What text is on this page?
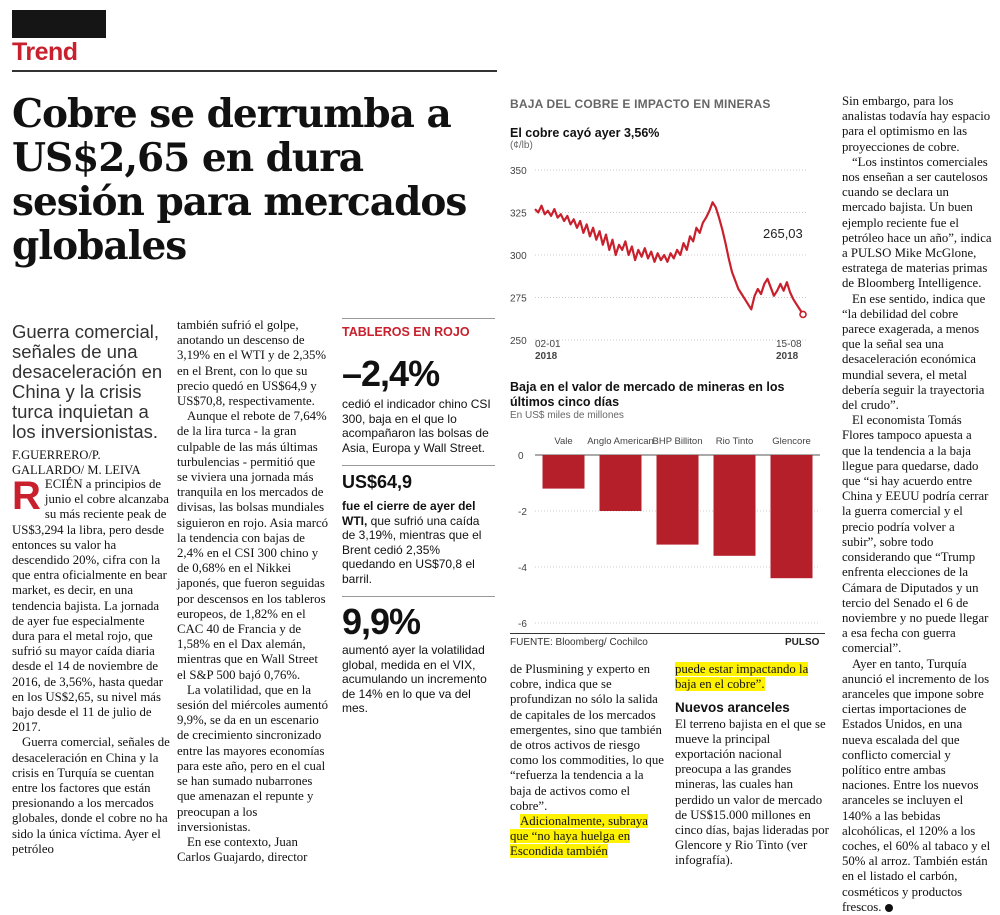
Trend
Cobre se derrumba a US$2,65 en dura sesión para mercados globales

Guerra comercial, señales de una desaceleración en China y la crisis turca inquietan a los inversionistas.

F.GUERRERO/P. GALLARDO/ M. LEIVA

RECIÉN a principios de junio el cobre alcanzaba su más reciente peak de US$3,294 la libra, pero desde entonces su valor ha descendido 20%, cifra con la que entra oficialmente en bear market, es decir, en una tendencia bajista. La jornada de ayer fue especialmente dura para el metal rojo, que sufrió su mayor caída diaria desde el 14 de noviembre de 2016, de 3,56%, hasta quedar en los US$2,65, su nivel más bajo desde el 11 de julio de 2017.

Guerra comercial, señales de desaceleración en China y la crisis en Turquía se cuentan entre los factores que están presionando a los mercados globales, donde el cobre no ha sido la única víctima. Ayer el petróleo

también sufrió el golpe, anotando un descenso de 3,19% en el WTI y de 2,35% en el Brent, con lo que su precio quedó en US$64,9 y US$70,8, respectivamente.

Aunque el rebote de 7,64% de la lira turca - la gran culpable de las más últimas turbulencias - permitió que se viviera una jornada más tranquila en los mercados de divisas, las bolsas mundiales siguieron en rojo. Asia marcó la tendencia con bajas de 2,4% en el CSI 300 chino y de 0,68% en el Nikkei japonés, que fueron seguidas por descensos en los tableros europeos, de 1,82% en el CAC 40 de Francia y de 1,58% en el Dax alemán, mientras que en Wall Street el S&P 500 bajó 0,76%.

La volatilidad, que en la sesión del miércoles aumentó 9,9%, se da en un escenario de crecimiento sincronizado entre las mayores economías para este año, pero en el cual se han sumado nubarrones que amenazan el repunte y preocupan a los inversionistas.

En ese contexto, Juan Carlos Guajardo, director

TABLEROS EN ROJO
–2,4%
cedió el indicador chino CSI 300, baja en el que lo acompañaron las bolsas de Asia, Europa y Wall Street.
US$64,9
fue el cierre de ayer del WTI, que sufrió una caída de 3,19%, mientras que el Brent cedió 2,35% quedando en US$70,8 el barril.
9,9%
aumentó ayer la volatilidad global, medida en el VIX, acumulando un incremento de 14% en lo que va del mes.
BAJA DEL COBRE E IMPACTO EN MINERAS
El cobre cayó ayer 3,56%
(¢/lb)
350
325
300
275
250
265,03
02-01
2018
15-08
2018
Baja en el valor de mercado de mineras en los últimos cinco días
En US$ miles de millones
0
-2
-4
-6
Vale Anglo American
BHP Billiton Rio Tinto Glencore
FUENTE: Bloomberg/ Cochilco	PULSO

de Plusmining y experto en cobre, indica que se profundizan no sólo la salida de capitales de los mercados emergentes, sino que también de otros activos de riesgo como los commodities, lo que “refuerza la tendencia a la baja de activos como el cobre”.

Adicionalmente, subraya que “no haya huelga en Escondida también

puede estar impactando la baja en el cobre”.

Nuevos aranceles

El terreno bajista en el que se mueve la principal exportación nacional preocupa a las grandes mineras, las cuales han perdido un valor de mercado de US$15.000 millones en cinco días, bajas lideradas por Glencore y Rio Tinto (ver infografía).

Sin embargo, para los analistas todavía hay espacio para el optimismo en las proyecciones de cobre.

“Los instintos comerciales nos enseñan a ser cautelosos cuando se declara un mercado bajista. Un buen ejemplo reciente fue el petróleo hace un año”, indica a PULSO Mike McGlone, estratega de materias primas de Bloomberg Intelligence.

En ese sentido, indica que “la debilidad del cobre parece exagerada, a menos que la señal sea una desaceleración económica mundial severa, el metal debería seguir la trayectoria del crudo”.

El economista Tomás Flores tampoco apuesta a que la tendencia a la baja llegue para quedarse, dado que “si hay acuerdo entre China y EEUU podría cerrar la guerra comercial y el precio podría volver a subir”, sobre todo considerando que “Trump enfrenta elecciones de la Cámara de Diputados y un tercio del Senado el 6 de noviembre y no puede llegar a esa fecha con guerra comercial”.

Ayer en tanto, Turquía anunció el incremento de los aranceles que impone sobre ciertas importaciones de Estados Unidos, en una nueva escalada del que conflicto comercial y político entre ambas naciones. Entre los nuevos aranceles se incluyen el 140% a las bebidas alcohólicas, el 120% a los coches, el 60% al tabaco y el 50% al arroz. También están en el listado el carbón, cosméticos y productos frescos.
